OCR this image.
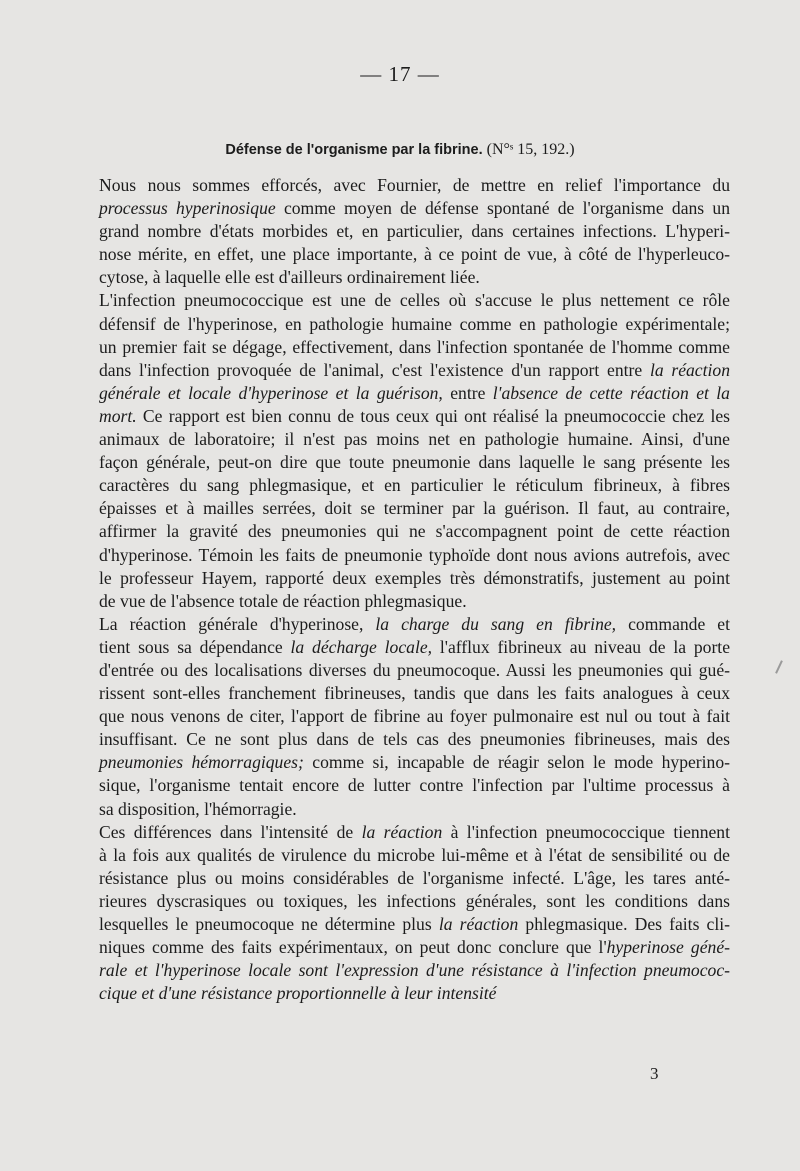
— 17 —
Défense de l'organisme par la fibrine. (N°ˢ 15, 192.)
Nous nous sommes efforcés, avec Fournier, de mettre en relief l'importance du
processus hyperinosique comme moyen de défense spontané de l'organisme dans un
grand nombre d'états morbides et, en particulier, dans certaines infections. L'hyperi-
nose mérite, en effet, une place importante, à ce point de vue, à côté de l'hyperleuco-
cytose, à laquelle elle est d'ailleurs ordinairement liée.
L'infection pneumococcique est une de celles où s'accuse le plus nettement ce rôle
défensif de l'hyperinose, en pathologie humaine comme en pathologie expérimentale;
un premier fait se dégage, effectivement, dans l'infection spontanée de l'homme comme
dans l'infection provoquée de l'animal, c'est l'existence d'un rapport entre la réaction
générale et locale d'hyperinose et la guérison, entre l'absence de cette réaction et la
mort. Ce rapport est bien connu de tous ceux qui ont réalisé la pneumococcie chez les
animaux de laboratoire; il n'est pas moins net en pathologie humaine. Ainsi, d'une
façon générale, peut-on dire que toute pneumonie dans laquelle le sang présente les
caractères du sang phlegmasique, et en particulier le réticulum fibrineux, à fibres
épaisses et à mailles serrées, doit se terminer par la guérison. Il faut, au contraire,
affirmer la gravité des pneumonies qui ne s'accompagnent point de cette réaction
d'hyperinose. Témoin les faits de pneumonie typhoïde dont nous avions autrefois, avec
le professeur Hayem, rapporté deux exemples très démonstratifs, justement au point
de vue de l'absence totale de réaction phlegmasique.
La réaction générale d'hyperinose, la charge du sang en fibrine, commande et
tient sous sa dépendance la décharge locale, l'afflux fibrineux au niveau de la porte
d'entrée ou des localisations diverses du pneumocoque. Aussi les pneumonies qui gué-
rissent sont-elles franchement fibrineuses, tandis que dans les faits analogues à ceux
que nous venons de citer, l'apport de fibrine au foyer pulmonaire est nul ou tout à fait
insuffisant. Ce ne sont plus dans de tels cas des pneumonies fibrineuses, mais des
pneumonies hémorragiques; comme si, incapable de réagir selon le mode hyperino-
sique, l'organisme tentait encore de lutter contre l'infection par l'ultime processus à
sa disposition, l'hémorragie.
Ces différences dans l'intensité de la réaction à l'infection pneumococcique tiennent
à la fois aux qualités de virulence du microbe lui-même et à l'état de sensibilité ou de
résistance plus ou moins considérables de l'organisme infecté. L'âge, les tares anté-
rieures dyscrasiques ou toxiques, les infections générales, sont les conditions dans
lesquelles le pneumocoque ne détermine plus la réaction phlegmasique. Des faits cli-
niques comme des faits expérimentaux, on peut donc conclure que l'hyperinose géné-
rale et l'hyperinose locale sont l'expression d'une résistance à l'infection pneumococ-
cique et d'une résistance proportionnelle à leur intensité
3
